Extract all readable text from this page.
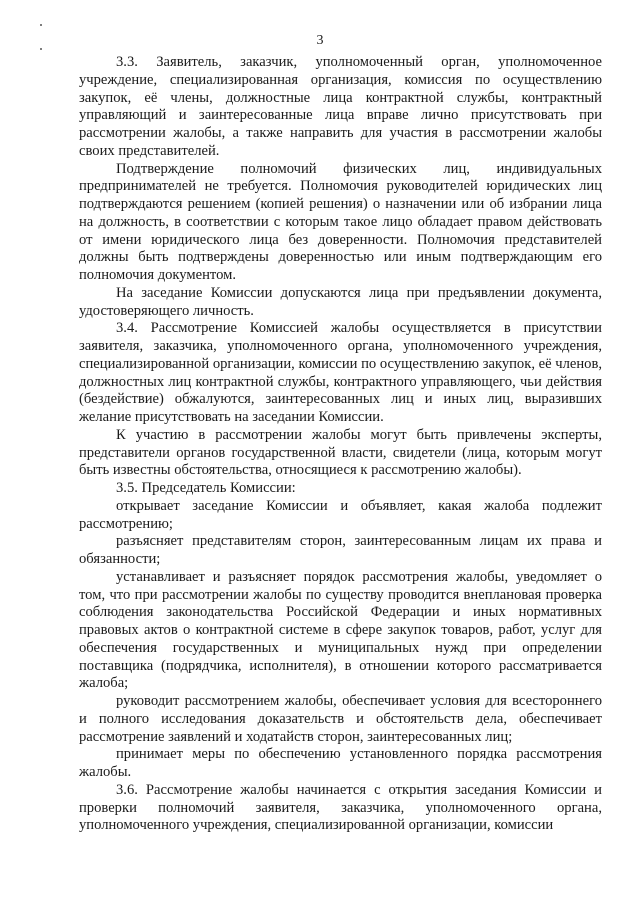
3

3.3. Заявитель, заказчик, уполномоченный орган, уполномоченное учреждение, специализированная организация, комиссия по осуществлению закупок, её члены, должностные лица контрактной службы, контрактный управляющий и заинтересованные лица вправе лично присутствовать при рассмотрении жалобы, а также направить для участия в рассмотрении жалобы своих представителей.

Подтверждение полномочий физических лиц, индивидуальных предпринимателей не требуется. Полномочия руководителей юридических лиц подтверждаются решением (копией решения) о назначении или об избрании лица на должность, в соответствии с которым такое лицо обладает правом действовать от имени юридического лица без доверенности. Полномочия представителей должны быть подтверждены доверенностью или иным подтверждающим его полномочия документом.

На заседание Комиссии допускаются лица при предъявлении документа, удостоверяющего личность.

3.4. Рассмотрение Комиссией жалобы осуществляется в присутствии заявителя, заказчика, уполномоченного органа, уполномоченного учреждения, специализированной организации, комиссии по осуществлению закупок, её членов, должностных лиц контрактной службы, контрактного управляющего, чьи действия (бездействие) обжалуются, заинтересованных лиц и иных лиц, выразивших желание присутствовать на заседании Комиссии.

К участию в рассмотрении жалобы могут быть привлечены эксперты, представители органов государственной власти, свидетели (лица, которым могут быть известны обстоятельства, относящиеся к рассмотрению жалобы).

3.5. Председатель Комиссии:

открывает заседание Комиссии и объявляет, какая жалоба подлежит рассмотрению;

разъясняет представителям сторон, заинтересованным лицам их права и обязанности;

устанавливает и разъясняет порядок рассмотрения жалобы, уведомляет о том, что при рассмотрении жалобы по существу проводится внеплановая проверка соблюдения законодательства Российской Федерации и иных нормативных правовых актов о контрактной системе в сфере закупок товаров, работ, услуг для обеспечения государственных и муниципальных нужд при определении поставщика (подрядчика, исполнителя), в отношении которого рассматривается жалоба;

руководит рассмотрением жалобы, обеспечивает условия для всестороннего и полного исследования доказательств и обстоятельств дела, обеспечивает рассмотрение заявлений и ходатайств сторон, заинтересованных лиц;

принимает меры по обеспечению установленного порядка рассмотрения жалобы.

3.6. Рассмотрение жалобы начинается с открытия заседания Комиссии и проверки полномочий заявителя, заказчика, уполномоченного органа, уполномоченного учреждения, специализированной организации, комиссии
